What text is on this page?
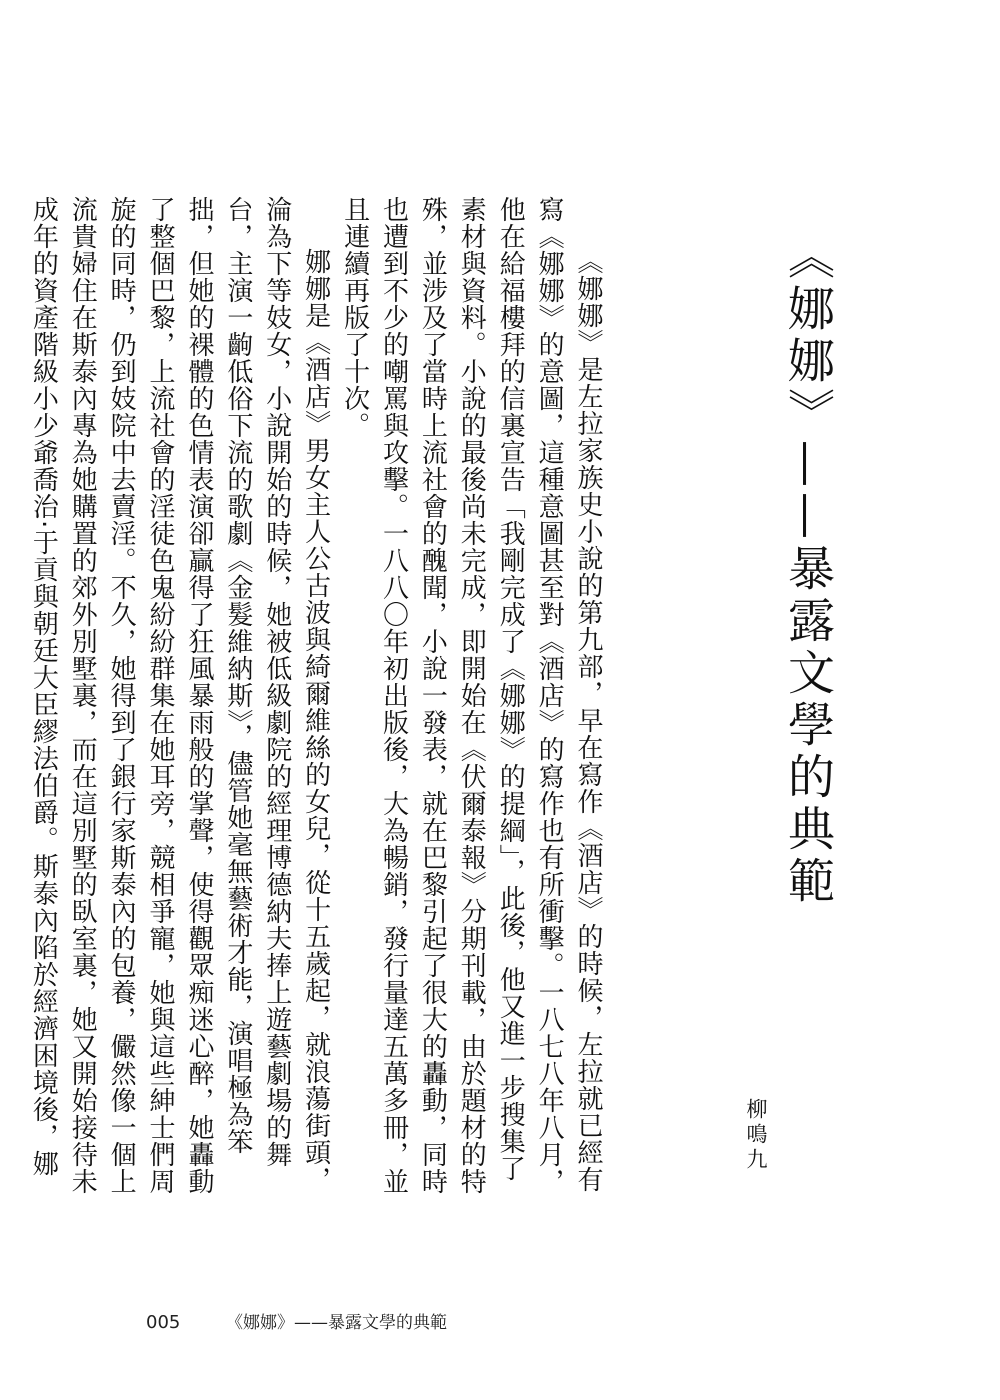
《娜娜》——暴露文學的典範
柳鳴九

《娜娜》是左拉家族史小說的第九部，早在寫作《酒店》的時候，左拉就已經有寫《娜娜》的意圖，這種意圖甚至對《酒店》的寫作也有所衝擊。一八七八年八月，他在給福樓拜的信裏宣告「我剛完成了《娜娜》的提綱」，此後，他又進一步搜集了素材與資料。小說的最後尚未完成，即開始在《伏爾泰報》分期刊載，由於題材的特殊，並涉及了當時上流社會的醜聞，小說一發表，就在巴黎引起了很大的轟動，同時也遭到不少的嘲罵與攻擊。一八八〇年初出版後，大為暢銷，發行量達五萬多冊，並且連續再版了十次。

娜娜是《酒店》男女主人公古波與綺爾維絲的女兒，從十五歲起，就浪蕩街頭，淪為下等妓女，小說開始的時候，她被低級劇院的經理博德納夫捧上遊藝劇場的舞台，主演一齣低俗下流的歌劇《金髮維納斯》，儘管她毫無藝術才能，演唱極為笨拙，但她的裸體的色情表演卻贏得了狂風暴雨般的掌聲，使得觀眾痴迷心醉，她轟動了整個巴黎，上流社會的淫徒色鬼紛紛群集在她耳旁，競相爭寵，她與這些紳士們周旋的同時，仍到妓院中去賣淫。不久，她得到了銀行家斯泰內的包養，儼然像一個上流貴婦住在斯泰內專為她購置的郊外別墅裏，而在這別墅的臥室裏，她又開始接待未成年的資產階級小少爺喬治·于貢與朝廷大臣繆法伯爵。斯泰內陷於經濟困境後，娜

005	《娜娜》——暴露文學的典範
